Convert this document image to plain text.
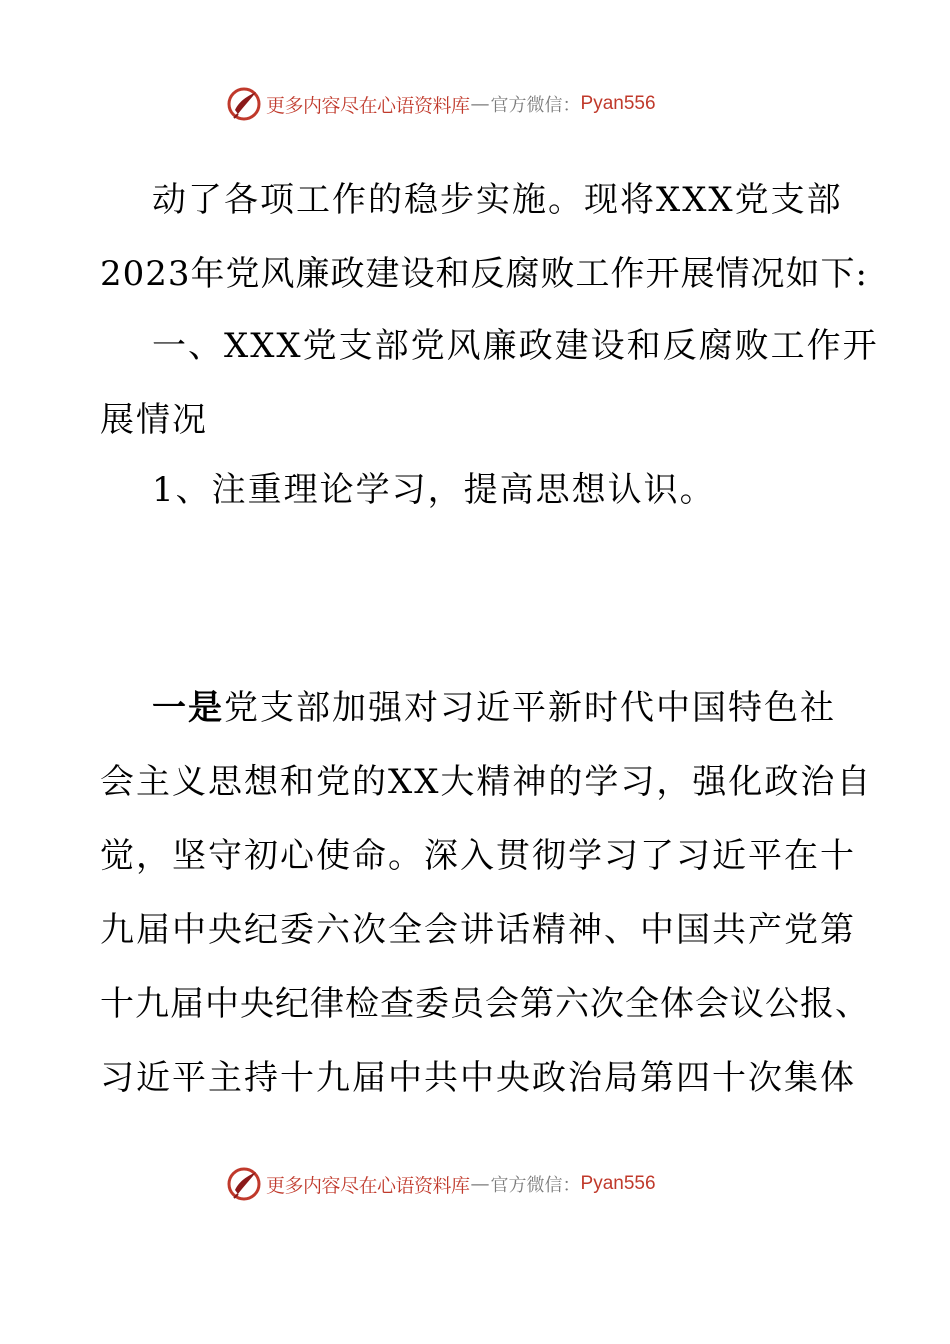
更多内容尽在心语资料库 — 官方微信： Pyan556
动了各项工作的稳步实施。现将XXX党支部
2023年党风廉政建设和反腐败工作开展情况如下:
一、XXX党支部党风廉政建设和反腐败工作开
展情况
1、注重理论学习，提高思想认识。
一是党支部加强对习近平新时代中国特色社
会主义思想和党的XX大精神的学习，强化政治自
觉，坚守初心使命。深入贯彻学习了习近平在十
九届中央纪委六次全会讲话精神、中国共产党第
十九届中央纪律检查委员会第六次全体会议公报、
习近平主持十九届中共中央政治局第四十次集体
更多内容尽在心语资料库 — 官方微信： Pyan556
